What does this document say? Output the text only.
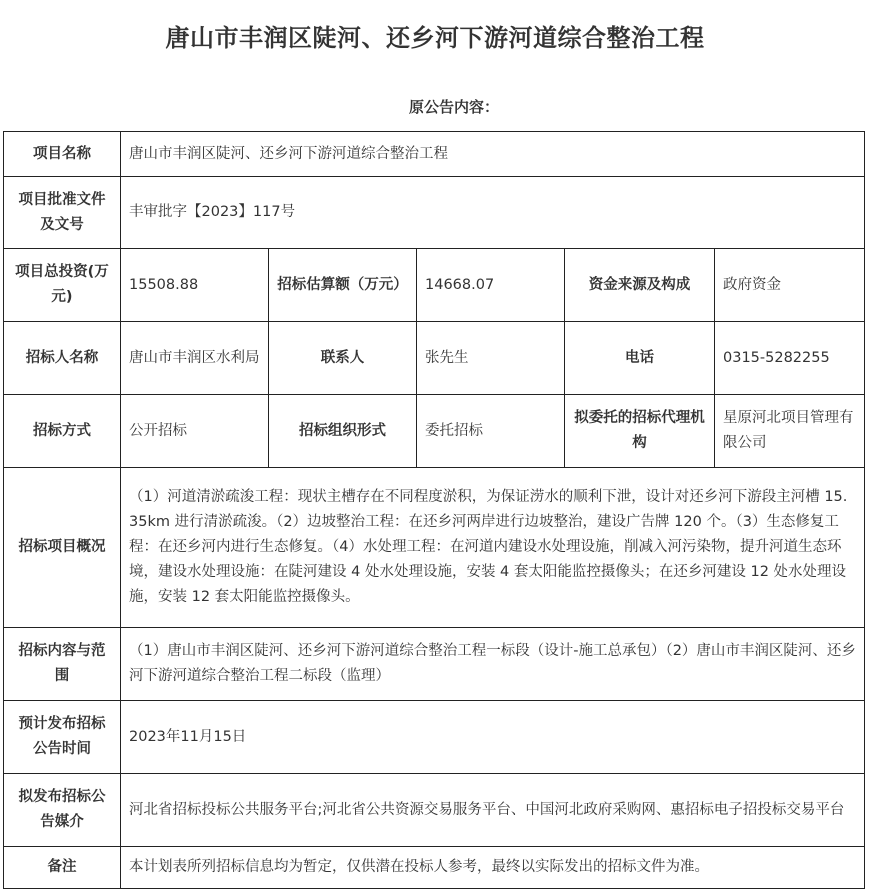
唐山市丰润区陡河、还乡河下游河道综合整治工程
原公告内容：
项目名称	唐山市丰润区陡河、还乡河下游河道综合整治工程				
项目批准文件及文号	丰审批字【2023】117号				
项目总投资(万元)	15508.88	招标估算额（万元）	14668.07	资金来源及构成	政府资金
招标人名称	唐山市丰润区水利局	联系人	张先生	电话	0315-5282255
招标方式	公开招标	招标组织形式	委托招标	拟委托的招标代理机构	星原河北项目管理有限公司
招标项目概况	（1）河道清淤疏浚工程：现状主槽存在不同程度淤积，为保证涝水的顺利下泄，设计对还乡河下游段主河槽 15.35km 进行清淤疏浚。（2）边坡整治工程：在还乡河两岸进行边坡整治，建设广告牌 120 个。（3）生态修复工程：在还乡河内进行生态修复。（4）水处理工程：在河道内建设水处理设施，削减入河污染物，提升河道生态环境，建设水处理设施：在陡河建设 4 处水处理设施，安装 4 套太阳能监控摄像头；在还乡河建设 12 处水处理设施，安装 12 套太阳能监控摄像头。				
招标内容与范围	（1）唐山市丰润区陡河、还乡河下游河道综合整治工程一标段（设计-施工总承包）（2）唐山市丰润区陡河、还乡河下游河道综合整治工程二标段（监理）				
预计发布招标公告时间	2023年11月15日				
拟发布招标公告媒介	河北省招标投标公共服务平台;河北省公共资源交易服务平台、中国河北政府采购网、惠招标电子招投标交易平台				
备注	本计划表所列招标信息均为暂定，仅供潜在投标人参考，最终以实际发出的招标文件为准。				
